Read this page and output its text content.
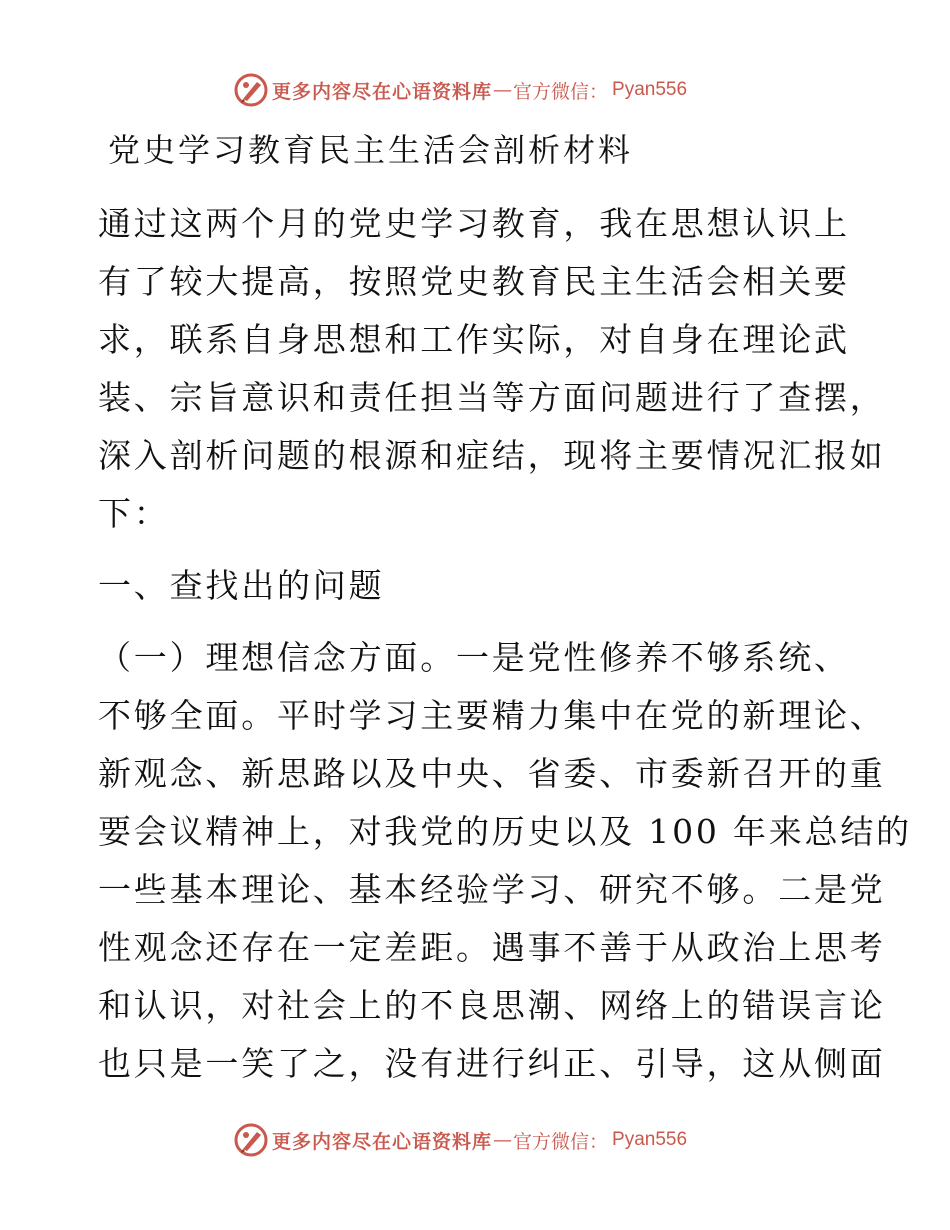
更多内容尽在心语资料库 — 官方微信 ： Pyan556
党史学习教育民主生活会剖析材料
通过这两个月的党史学习教育，我在思想认识上
有了较大提高，按照党史教育民主生活会相关要
求，联系自身思想和工作实际，对自身在理论武
装、宗旨意识和责任担当等方面问题进行了查摆，
深入剖析问题的根源和症结，现将主要情况汇报如
下：
一、查找出的问题
（一）理想信念方面。一是党性修养不够系统、
不够全面。平时学习主要精力集中在党的新理论、
新观念、新思路以及中央、省委、市委新召开的重
要会议精神上，对我党的历史以及 100 年来总结的
一些基本理论、基本经验学习、研究不够。二是党
性观念还存在一定差距。遇事不善于从政治上思考
和认识，对社会上的不良思潮、网络上的错误言论
也只是一笑了之，没有进行纠正、引导，这从侧面
更多内容尽在心语资料库 — 官方微信 ： Pyan556
